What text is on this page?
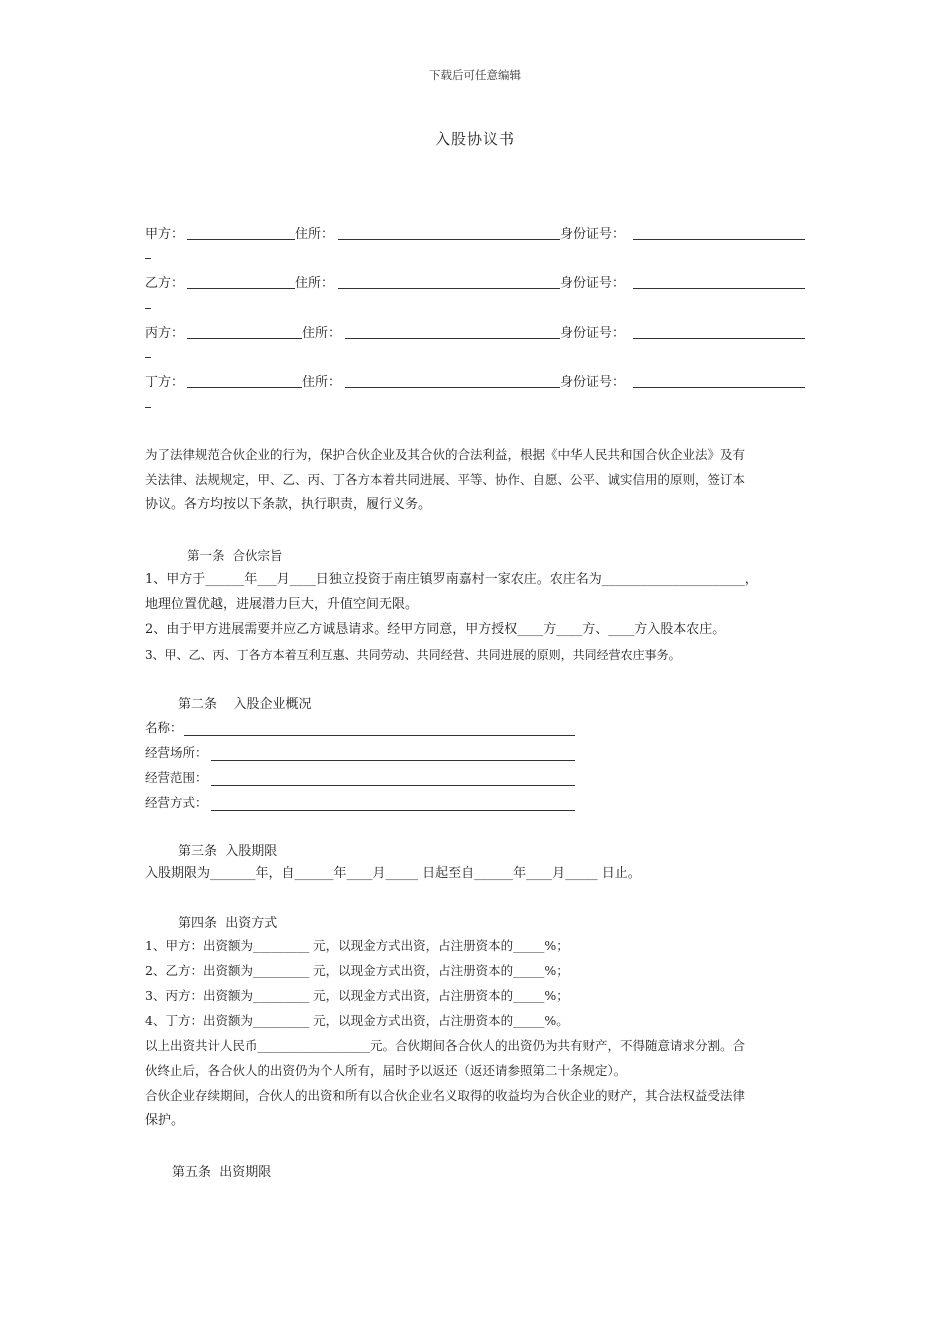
下载后可任意编辑
入股协议书
甲方：	住所：	身份证号：
乙方：	住所：	身份证号：
丙方：	住所：	身份证号：
丁方：	住所：	身份证号：
为了法律规范合伙企业的行为，保护合伙企业及其合伙的合法利益，根据《中华人民共和国合伙企业法》及有
关法律、法规规定，甲、乙、丙、丁各方本着共同进展、平等、协作、自愿、公平、诚实信用的原则，签订本
协议。各方均按以下条款，执行职责，履行义务。
第一条  合伙宗旨
1、甲方于______年___月____日独立投资于南庄镇罗南嘉村一家农庄。农庄名为______________________，
地理位置优越，进展潜力巨大，升值空间无限。
2、由于甲方进展需要并应乙方诚恳请求。经甲方同意，甲方授权____方____方、____方入股本农庄。
3、甲、乙、丙、丁各方本着互利互惠、共同劳动、共同经营、共同进展的原则，共同经营农庄事务。
第二条    入股企业概况
名称：
经营场所：
经营范围：
经营方式：
第三条  入股期限
入股期限为_______年，自______年____月_____ 日起至自______年____月_____ 日止。
第四条  出资方式
1、甲方：出资额为_________ 元，以现金方式出资，占注册资本的_____%；
2、乙方：出资额为_________ 元，以现金方式出资，占注册资本的_____%；
3、丙方：出资额为_________ 元，以现金方式出资，占注册资本的_____%；
4、丁方：出资额为_________ 元，以现金方式出资，占注册资本的_____%。
以上出资共计人民币__________________元。合伙期间各合伙人的出资仍为共有财产，不得随意请求分割。合
伙终止后，各合伙人的出资仍为个人所有，届时予以返还（返还请参照第二十条规定）。
合伙企业存续期间，合伙人的出资和所有以合伙企业名义取得的收益均为合伙企业的财产，其合法权益受法律
保护。
第五条  出资期限
